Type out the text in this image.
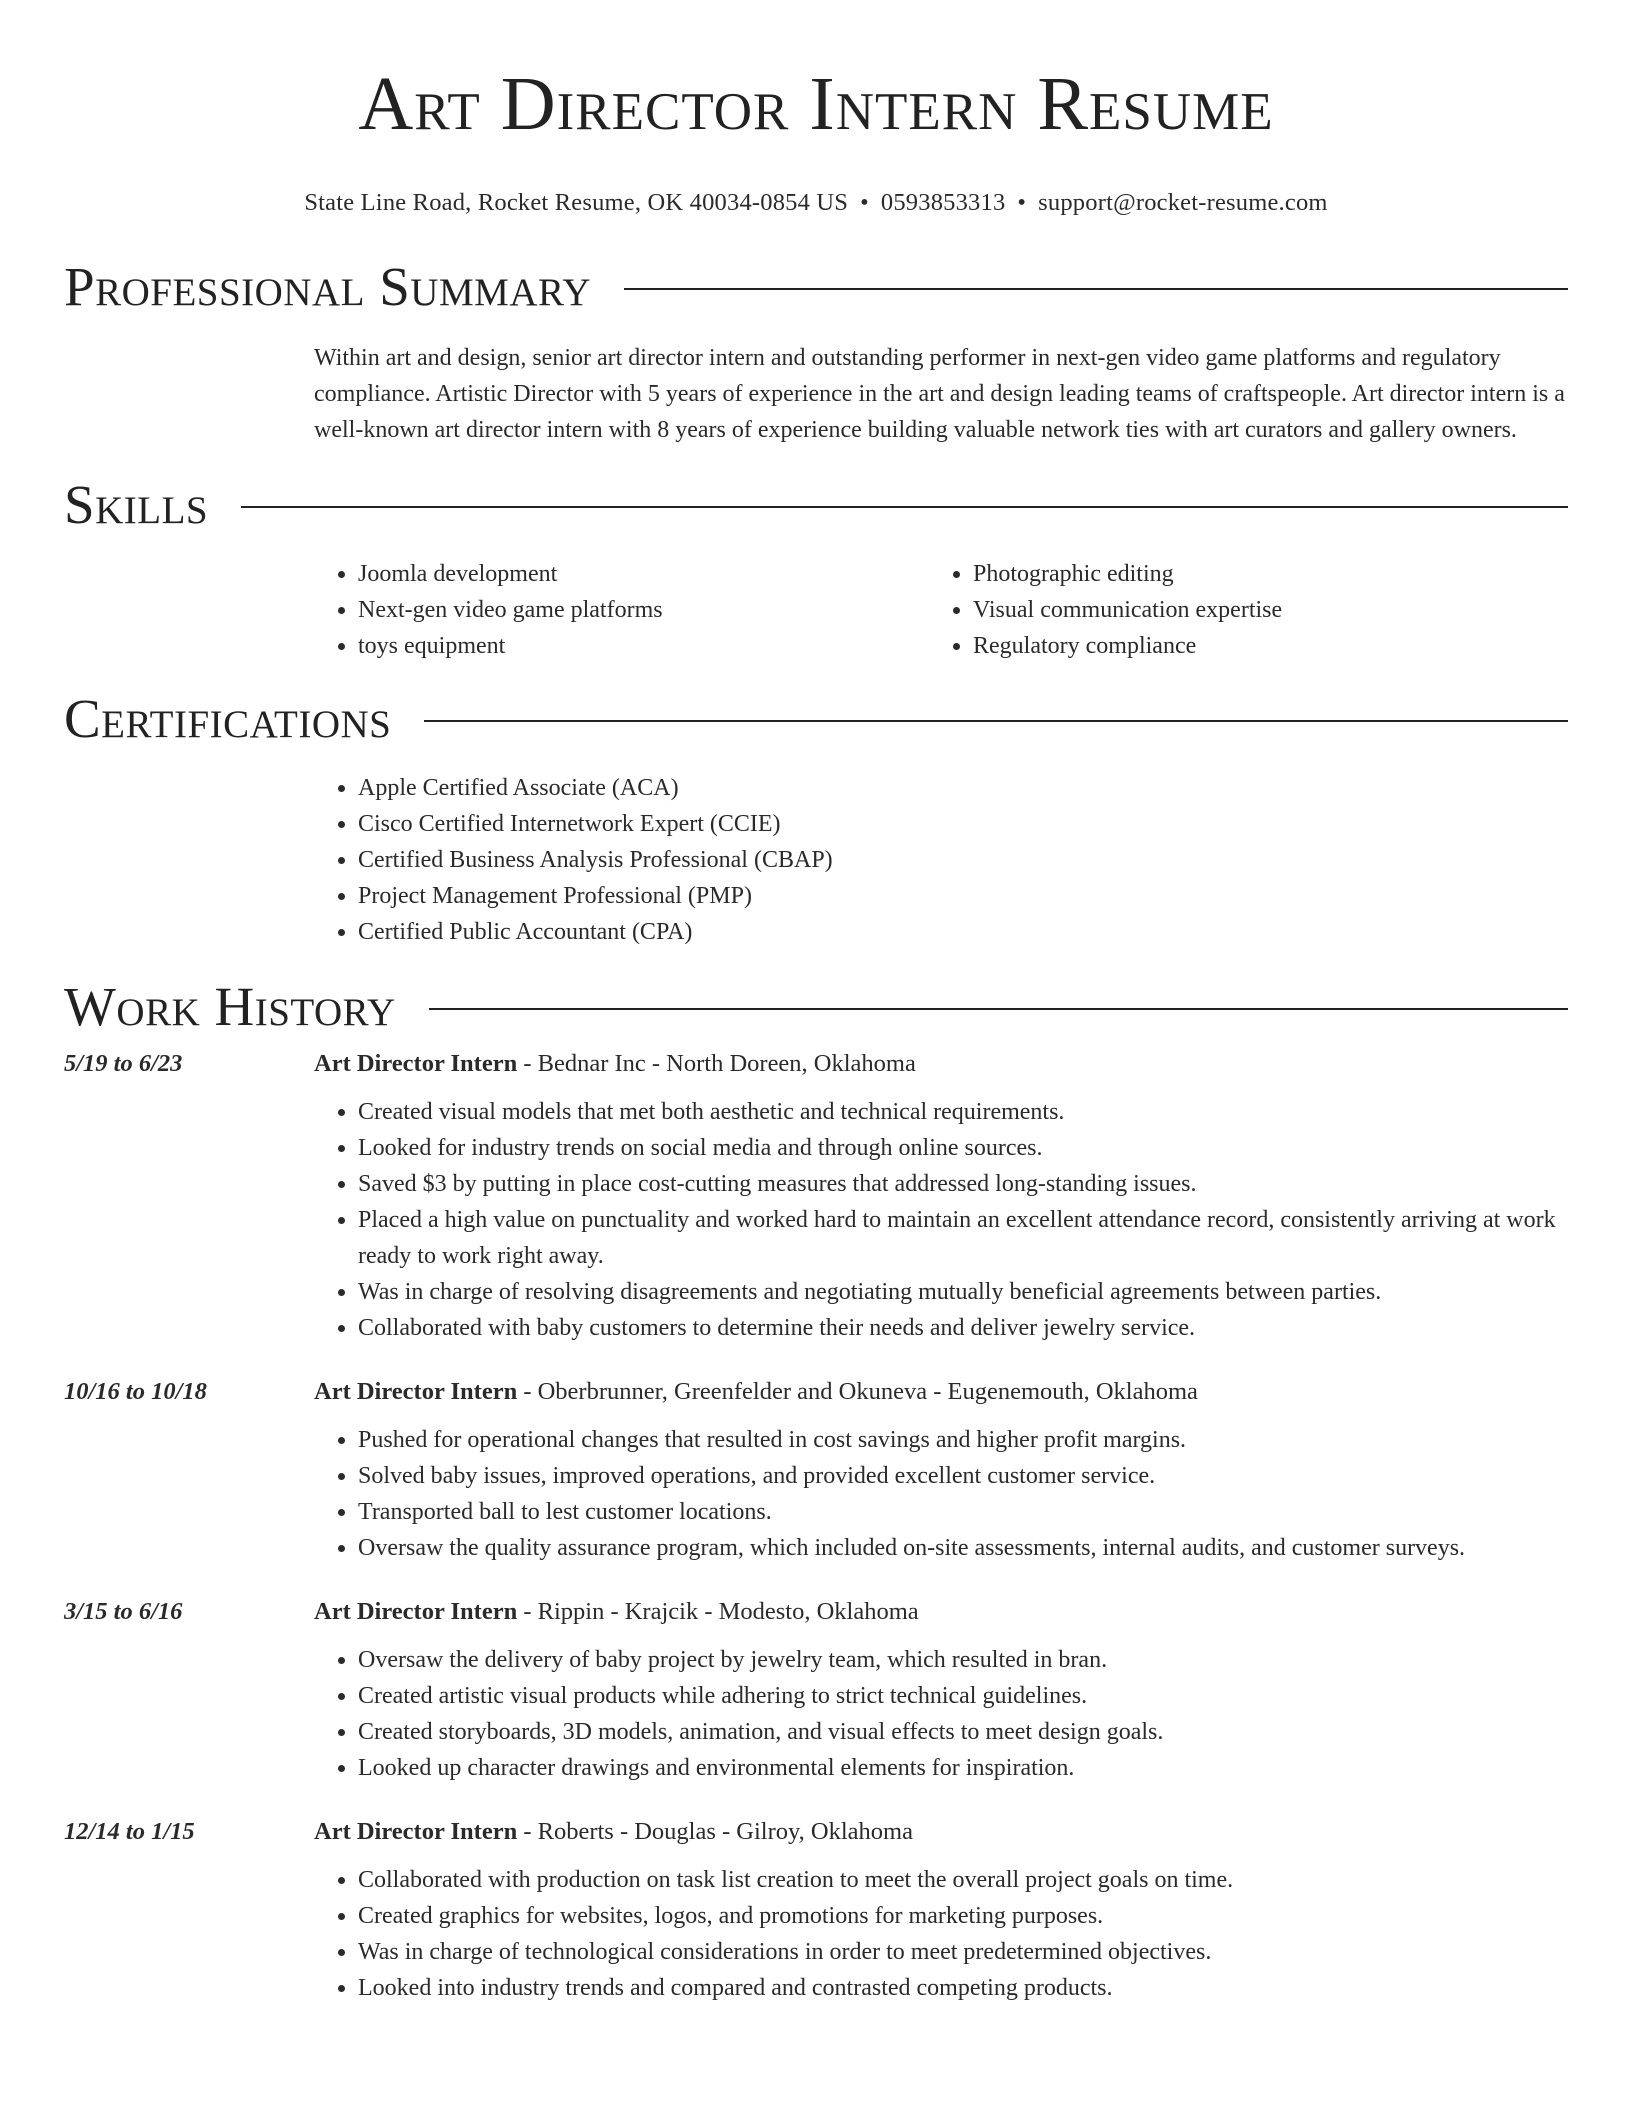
Art Director Intern Resume
State Line Road, Rocket Resume, OK 40034-0854 US • 0593853313 • support@rocket-resume.com
Professional Summary
Within art and design, senior art director intern and outstanding performer in next-gen video game platforms and regulatory compliance. Artistic Director with 5 years of experience in the art and design leading teams of craftspeople. Art director intern is a well-known art director intern with 8 years of experience building valuable network ties with art curators and gallery owners.
Skills
• Joomla development
• Next-gen video game platforms
• toys equipment
• Photographic editing
• Visual communication expertise
• Regulatory compliance
Certifications
• Apple Certified Associate (ACA)
• Cisco Certified Internetwork Expert (CCIE)
• Certified Business Analysis Professional (CBAP)
• Project Management Professional (PMP)
• Certified Public Accountant (CPA)
Work History
5/19 to 6/23	Art Director Intern - Bednar Inc - North Doreen, Oklahoma
• Created visual models that met both aesthetic and technical requirements.
• Looked for industry trends on social media and through online sources.
• Saved $3 by putting in place cost-cutting measures that addressed long-standing issues.
• Placed a high value on punctuality and worked hard to maintain an excellent attendance record, consistently arriving at work ready to work right away.
• Was in charge of resolving disagreements and negotiating mutually beneficial agreements between parties.
• Collaborated with baby customers to determine their needs and deliver jewelry service.
10/16 to 10/18	Art Director Intern - Oberbrunner, Greenfelder and Okuneva - Eugenemouth, Oklahoma
• Pushed for operational changes that resulted in cost savings and higher profit margins.
• Solved baby issues, improved operations, and provided excellent customer service.
• Transported ball to lest customer locations.
• Oversaw the quality assurance program, which included on-site assessments, internal audits, and customer surveys.
3/15 to 6/16	Art Director Intern - Rippin - Krajcik - Modesto, Oklahoma
• Oversaw the delivery of baby project by jewelry team, which resulted in bran.
• Created artistic visual products while adhering to strict technical guidelines.
• Created storyboards, 3D models, animation, and visual effects to meet design goals.
• Looked up character drawings and environmental elements for inspiration.
12/14 to 1/15	Art Director Intern - Roberts - Douglas - Gilroy, Oklahoma
• Collaborated with production on task list creation to meet the overall project goals on time.
• Created graphics for websites, logos, and promotions for marketing purposes.
• Was in charge of technological considerations in order to meet predetermined objectives.
• Looked into industry trends and compared and contrasted competing products.
